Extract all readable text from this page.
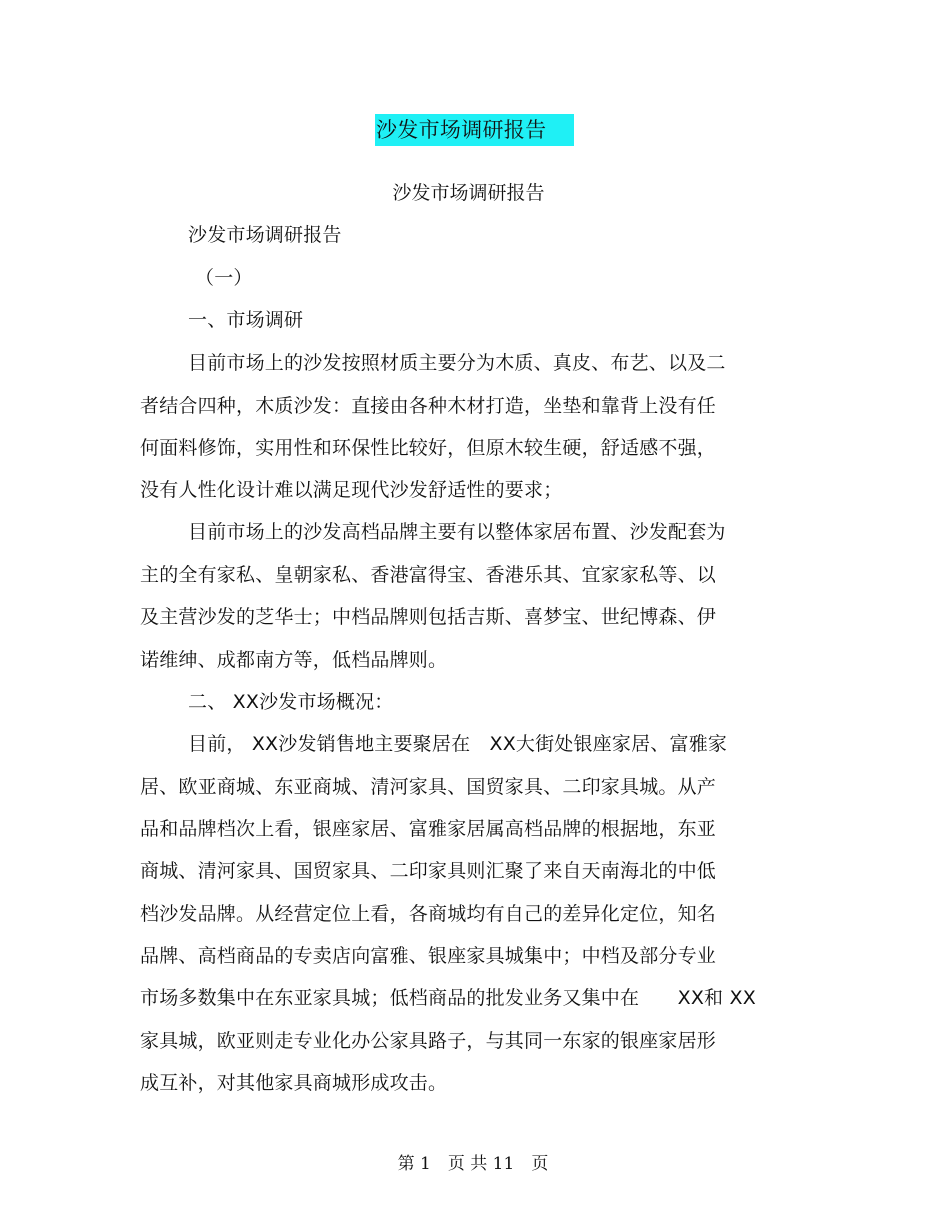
沙发市场调研报告
沙发市场调研报告
沙发市场调研报告
（一）
一、市场调研
目前市场上的沙发按照材质主要分为木质、真皮、布艺、以及二
者结合四种，木质沙发：直接由各种木材打造，坐垫和靠背上没有任
何面料修饰，实用性和环保性比较好，但原木较生硬，舒适感不强，
没有人性化设计难以满足现代沙发舒适性的要求；
目前市场上的沙发高档品牌主要有以整体家居布置、沙发配套为
主的全有家私、皇朝家私、香港富得宝、香港乐其、宜家家私等、以
及主营沙发的芝华士；中档品牌则包括吉斯、喜梦宝、世纪博森、伊
诺维绅、成都南方等，低档品牌则。
二、 XX沙发市场概况：
目前， XX沙发销售地主要聚居在　XX大街处银座家居、富雅家
居、欧亚商城、东亚商城、清河家具、国贸家具、二印家具城。从产
品和品牌档次上看，银座家居、富雅家居属高档品牌的根据地，东亚
商城、清河家具、国贸家具、二印家具则汇聚了来自天南海北的中低
档沙发品牌。从经营定位上看，各商城均有自己的差异化定位，知名
品牌、高档商品的专卖店向富雅、银座家具城集中；中档及部分专业
市场多数集中在东亚家具城；低档商品的批发业务又集中在　　XX和 XX
家具城，欧亚则走专业化办公家具路子，与其同一东家的银座家居形
成互补，对其他家具商城形成攻击。
第 1　页 共 11　页
